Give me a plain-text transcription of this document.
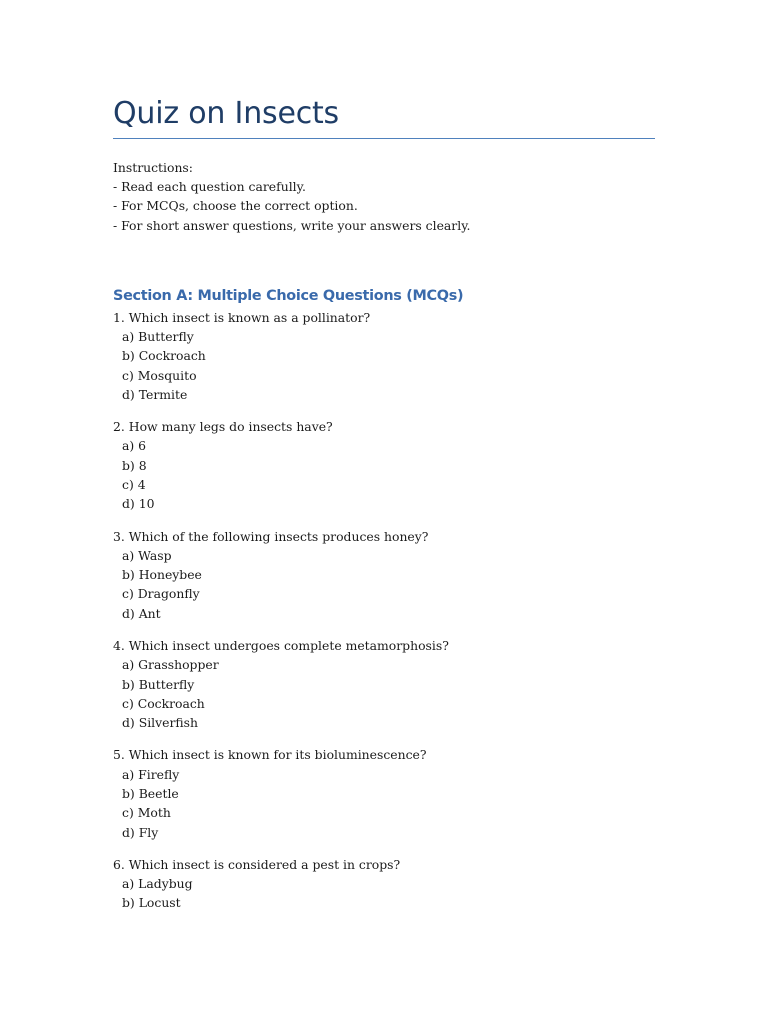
Quiz on Insects
Instructions:
- Read each question carefully.
- For MCQs, choose the correct option.
- For short answer questions, write your answers clearly.
Section A: Multiple Choice Questions (MCQs)
1. Which insect is known as a pollinator?
a) Butterfly
b) Cockroach
c) Mosquito
d) Termite
2. How many legs do insects have?
a) 6
b) 8
c) 4
d) 10
3. Which of the following insects produces honey?
a) Wasp
b) Honeybee
c) Dragonfly
d) Ant
4. Which insect undergoes complete metamorphosis?
a) Grasshopper
b) Butterfly
c) Cockroach
d) Silverfish
5. Which insect is known for its bioluminescence?
a) Firefly
b) Beetle
c) Moth
d) Fly
6. Which insect is considered a pest in crops?
a) Ladybug
b) Locust
